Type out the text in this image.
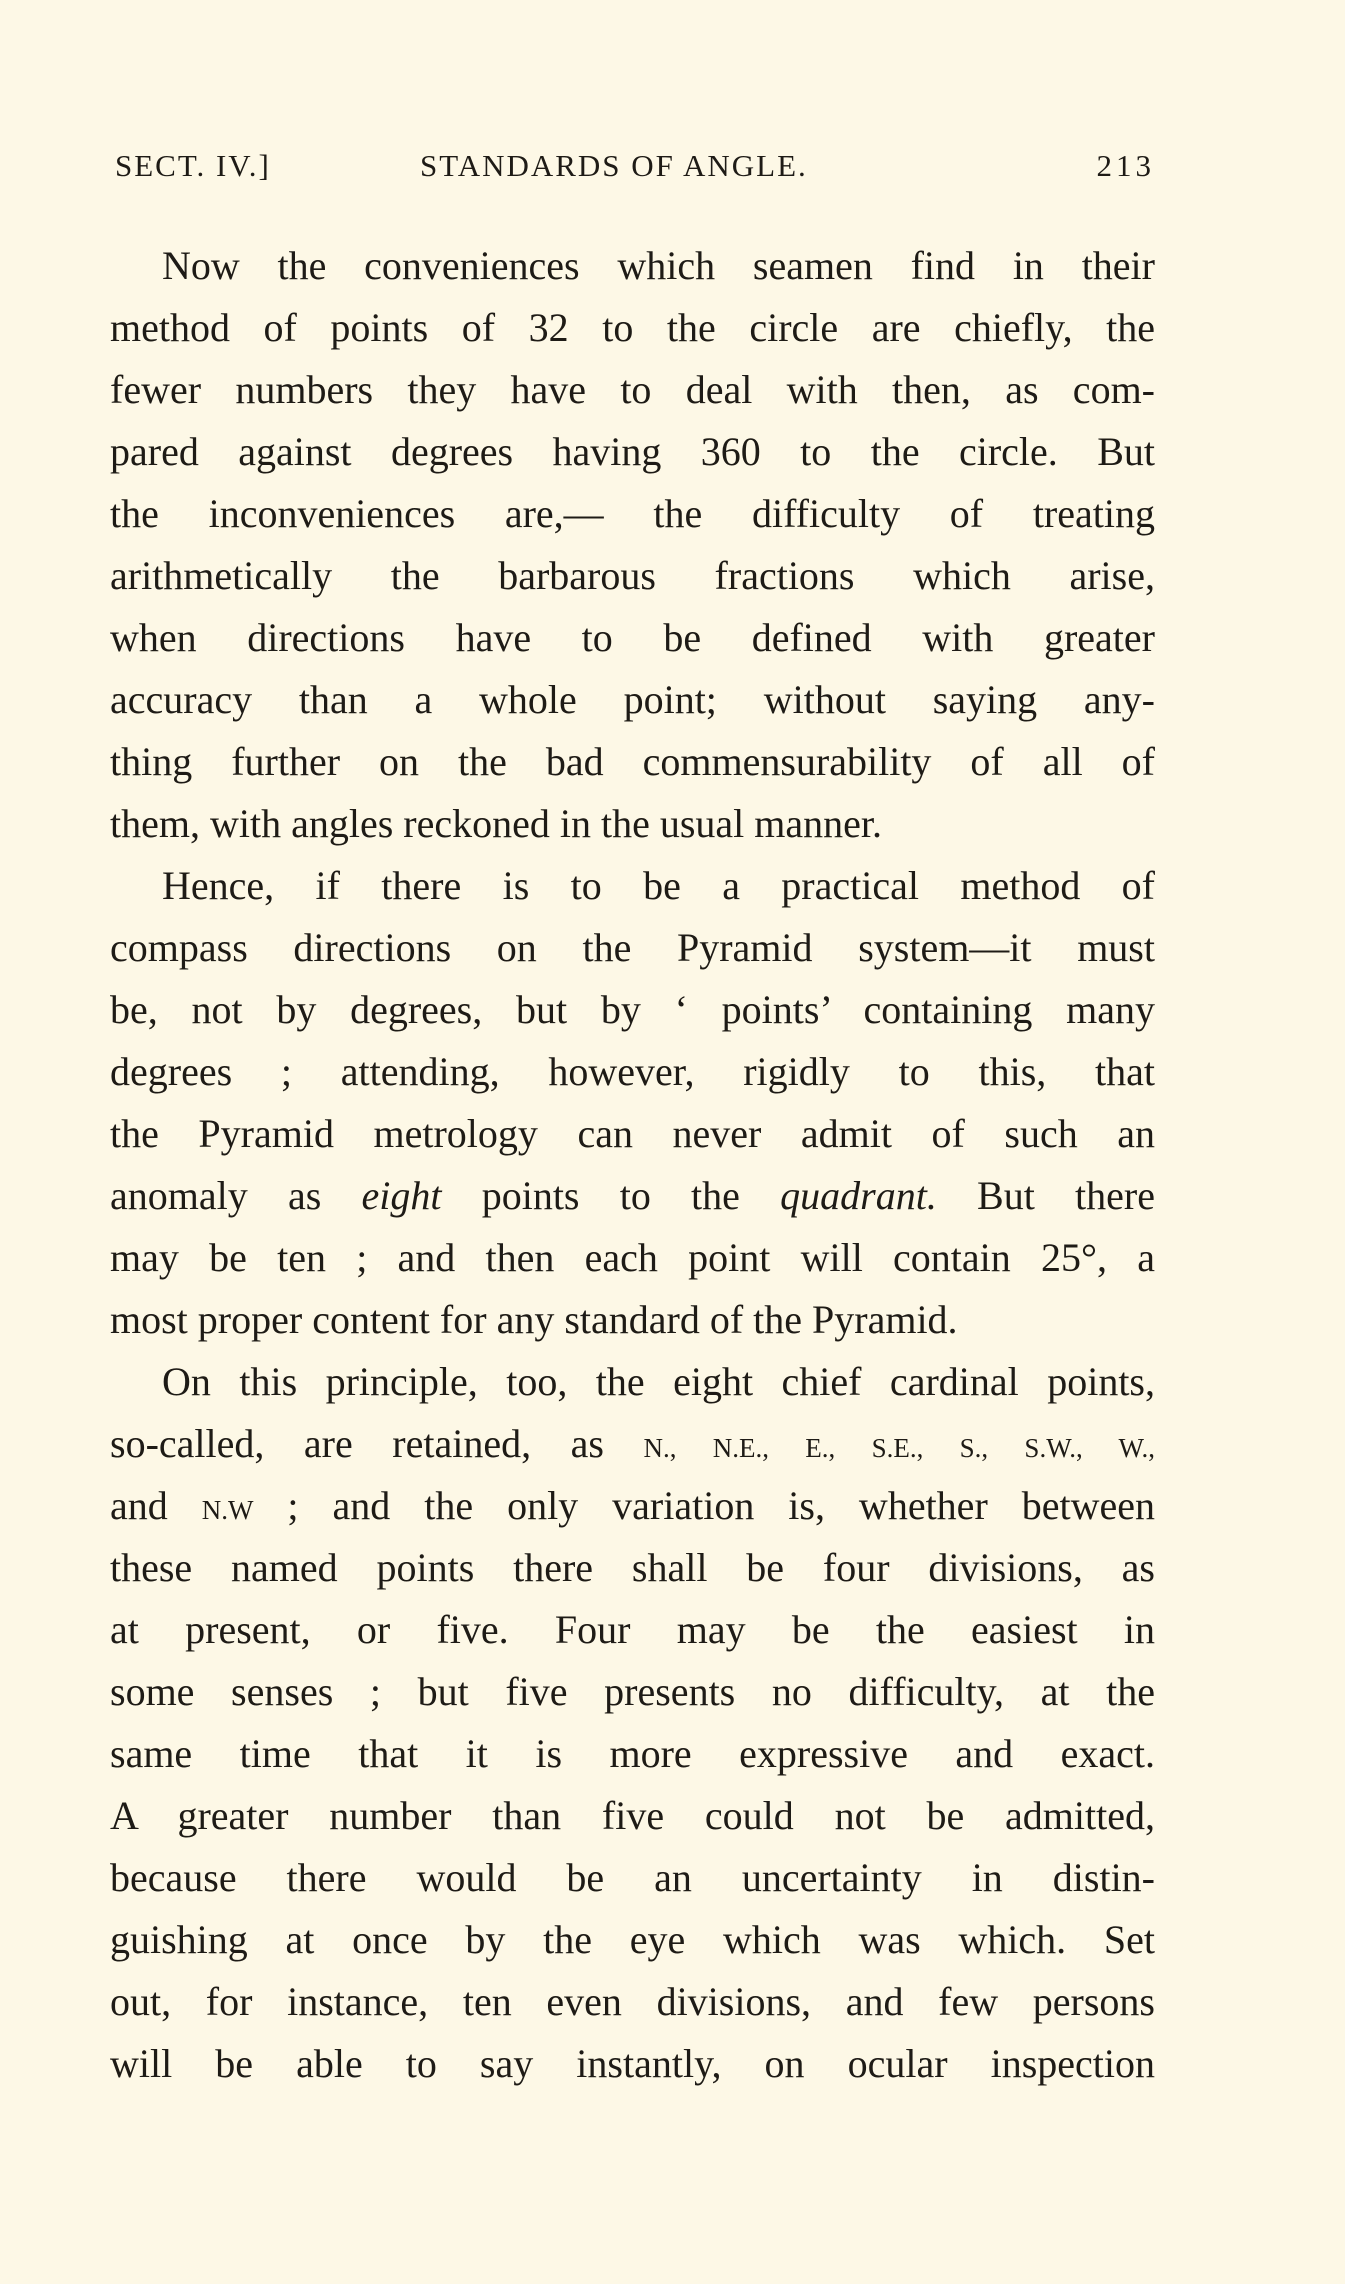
SECT. IV.]	STANDARDS OF ANGLE.	213
Now the conveniences which seamen find in their
method of points of 32 to the circle are chiefly, the
fewer numbers they have to deal with then, as com-
pared against degrees having 360 to the circle. But
the inconveniences are,— the difficulty of treating
arithmetically the barbarous fractions which arise,
when directions have to be defined with greater
accuracy than a whole point; without saying any-
thing further on the bad commensurability of all of
them, with angles reckoned in the usual manner.
Hence, if there is to be a practical method of
compass directions on the Pyramid system—it must
be, not by degrees, but by ‘ points’ containing many
degrees ; attending, however, rigidly to this, that
the Pyramid metrology can never admit of such an
anomaly as eight points to the quadrant. But there
may be ten ; and then each point will contain 25°, a
most proper content for any standard of the Pyramid.
On this principle, too, the eight chief cardinal points,
so-called, are retained, as N., N.E., E., S.E., S., S.W., W.,
and N.W ; and the only variation is, whether between
these named points there shall be four divisions, as
at present, or five. Four may be the easiest in
some senses ; but five presents no difficulty, at the
same time that it is more expressive and exact.
A greater number than five could not be admitted,
because there would be an uncertainty in distin-
guishing at once by the eye which was which. Set
out, for instance, ten even divisions, and few persons
will be able to say instantly, on ocular inspection
